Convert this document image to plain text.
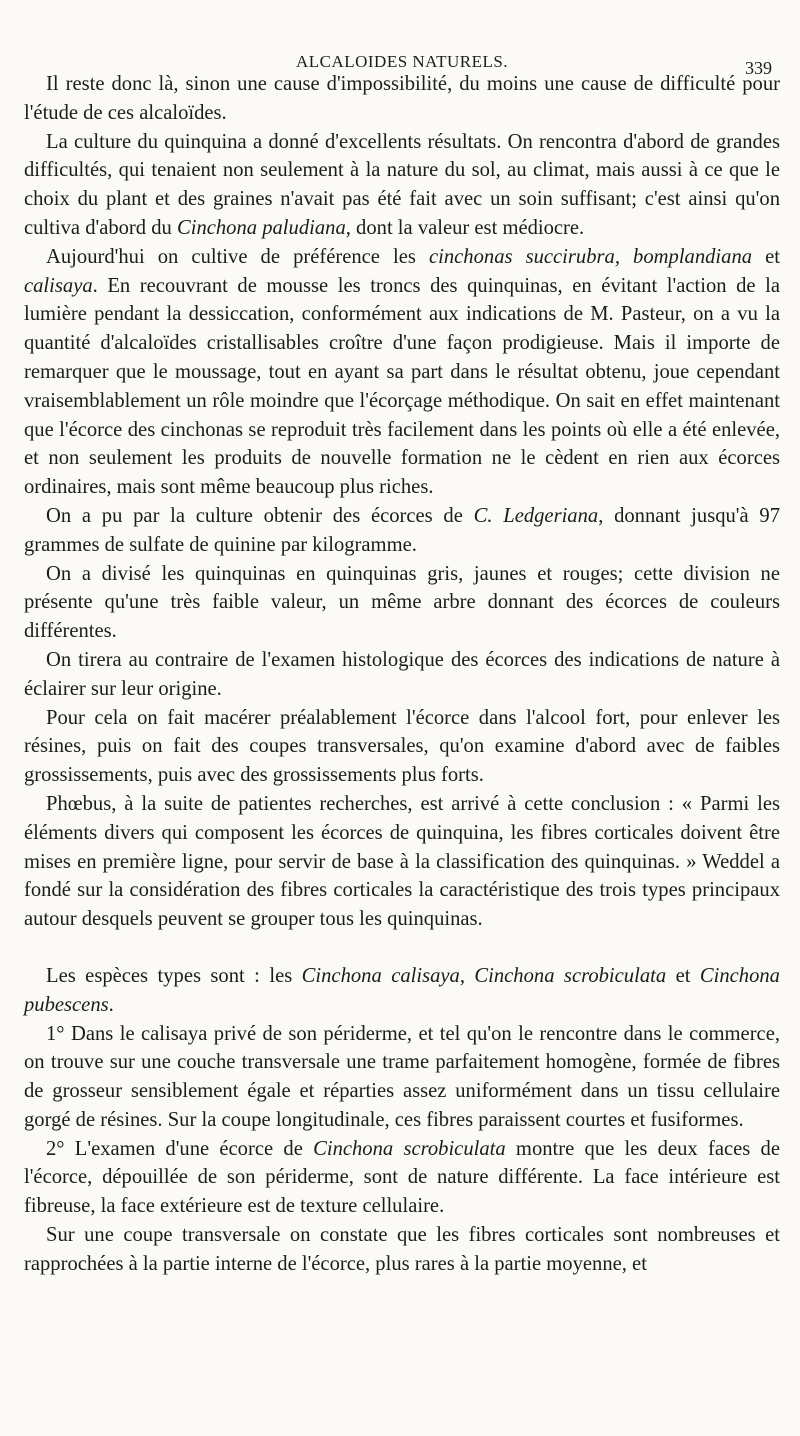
ALCALOIDES NATURELS.	339

Il reste donc là, sinon une cause d'impossibilité, du moins une cause de difficulté pour l'étude de ces alcaloïdes.

La culture du quinquina a donné d'excellents résultats. On rencontra d'abord de grandes difficultés, qui tenaient non seulement à la nature du sol, au climat, mais aussi à ce que le choix du plant et des graines n'avait pas été fait avec un soin suffisant; c'est ainsi qu'on cultiva d'abord du Cinchona paludiana, dont la valeur est médiocre.

Aujourd'hui on cultive de préférence les cinchonas succirubra, bomplandiana et calisaya. En recouvrant de mousse les troncs des quinquinas, en évitant l'action de la lumière pendant la dessiccation, conformément aux indications de M. Pasteur, on a vu la quantité d'alcaloïdes cristallisables croître d'une façon prodigieuse. Mais il importe de remarquer que le moussage, tout en ayant sa part dans le résultat obtenu, joue cependant vraisemblablement un rôle moindre que l'écorçage méthodique. On sait en effet maintenant que l'écorce des cinchonas se reproduit très facilement dans les points où elle a été enlevée, et non seulement les produits de nouvelle formation ne le cèdent en rien aux écorces ordinaires, mais sont même beaucoup plus riches.

On a pu par la culture obtenir des écorces de C. Ledgeriana, donnant jusqu'à 97 grammes de sulfate de quinine par kilogramme.

On a divisé les quinquinas en quinquinas gris, jaunes et rouges; cette division ne présente qu'une très faible valeur, un même arbre donnant des écorces de couleurs différentes.

On tirera au contraire de l'examen histologique des écorces des indications de nature à éclairer sur leur origine.

Pour cela on fait macérer préalablement l'écorce dans l'alcool fort, pour enlever les résines, puis on fait des coupes transversales, qu'on examine d'abord avec de faibles grossissements, puis avec des grossissements plus forts.

Phœbus, à la suite de patientes recherches, est arrivé à cette conclusion : « Parmi les éléments divers qui composent les écorces de quinquina, les fibres corticales doivent être mises en première ligne, pour servir de base à la classification des quinquinas. » Weddel a fondé sur la considération des fibres corticales la caractéristique des trois types principaux autour desquels peuvent se grouper tous les quinquinas.

Les espèces types sont : les Cinchona calisaya, Cinchona scrobiculata et Cinchona pubescens.

1° Dans le calisaya privé de son périderme, et tel qu'on le rencontre dans le commerce, on trouve sur une couche transversale une trame parfaitement homogène, formée de fibres de grosseur sensiblement égale et réparties assez uniformément dans un tissu cellulaire gorgé de résines. Sur la coupe longitudinale, ces fibres paraissent courtes et fusiformes.

2° L'examen d'une écorce de Cinchona scrobiculata montre que les deux faces de l'écorce, dépouillée de son périderme, sont de nature différente. La face intérieure est fibreuse, la face extérieure est de texture cellulaire.

Sur une coupe transversale on constate que les fibres corticales sont nombreuses et rapprochées à la partie interne de l'écorce, plus rares à la partie moyenne, et
